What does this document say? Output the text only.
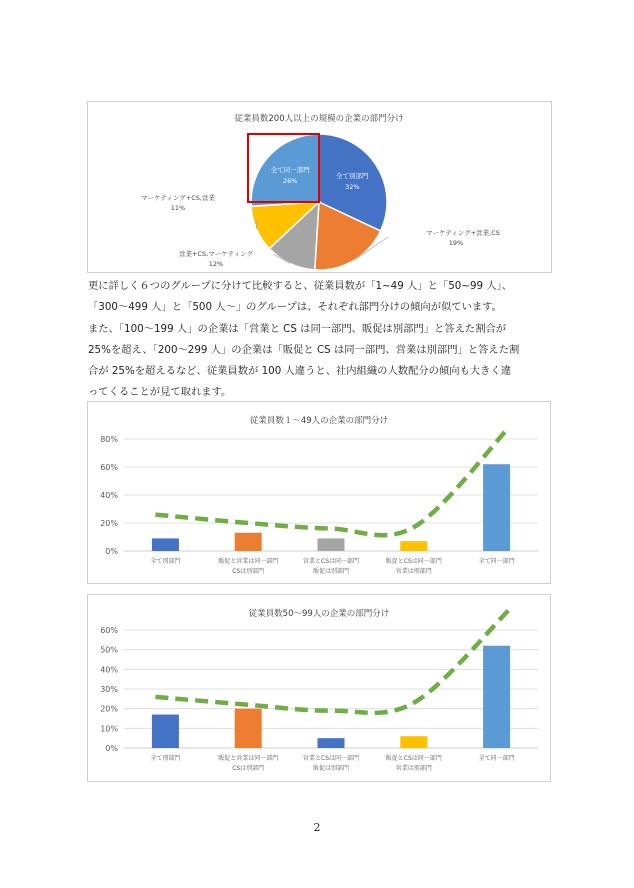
従業員数200人以上の規模の企業の部門分け
全て別部門
32%
マーケティング+営業,CS
19%
営業+CS,マーケティング
12%
マーケティング+CS,営業
11%
全て同一部門
26%

更に詳しく６つのグループに分けて比較すると、従業員数が「1~49 人」と「50~99 人」、

「300～499 人」と「500 人～」のグループは、それぞれ部門分けの傾向が似ています。

また、「100～199 人」の企業は「営業と CS は同一部門、販促は別部門」と答えた割合が

25%を超え、「200～299 人」の企業は「販促と CS は同一部門、営業は別部門」と答えた割

合が 25%を超えるなど、従業員数が 100 人違うと、社内組織の人数配分の傾向も大きく違

ってくることが見て取れます。

従業員数１～49人の企業の部門分け
0%
20%
40%
60%
80%
全て別部門	販促と営業は同一部門
CSは別部門
営業とCSは同一部門
販促は別部門
販促とCSは同一部門
営業は別部門
全て同一部門
従業員数50～99人の企業の部門分け
0%
10%
20%
30%
40%
50%
60%
全て別部門	販促と営業は同一部門
CSは別部門
営業とCSは同一部門
販促は別部門
販促とCSは同一部門
営業は別部門
全て同一部門
2
